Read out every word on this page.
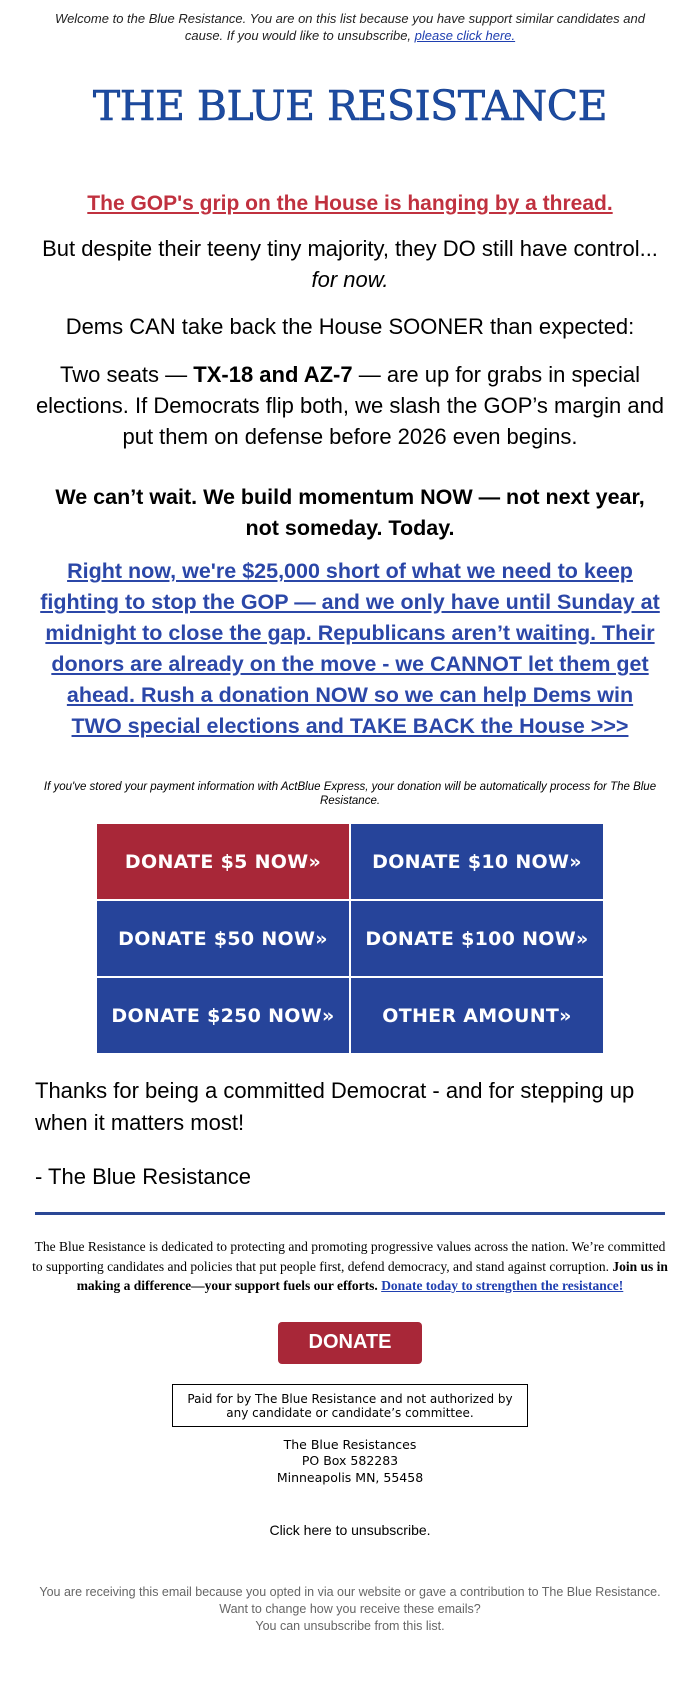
Welcome to the Blue Resistance. You are on this list because you have support similar candidates and cause. If you would like to unsubscribe, please click here.
THE BLUE RESISTANCE
The GOP's grip on the House is hanging by a thread.
But despite their teeny tiny majority, they DO still have control...
for now.
Dems CAN take back the House SOONER than expected:
Two seats — TX-18 and AZ-7 — are up for grabs in special elections. If Democrats flip both, we slash the GOP’s margin and put them on defense before 2026 even begins.
We can’t wait. We build momentum NOW — not next year, not someday. Today.
Right now, we're $25,000 short of what we need to keep fighting to stop the GOP — and we only have until Sunday at midnight to close the gap. Republicans aren’t waiting. Their donors are already on the move - we CANNOT let them get ahead. Rush a donation NOW so we can help Dems win TWO special elections and TAKE BACK the House >>>
If you've stored your payment information with ActBlue Express, your donation will be automatically process for The Blue Resistance.
DONATE $5 NOW»	DONATE $10 NOW»
DONATE $50 NOW»	DONATE $100 NOW»
DONATE $250 NOW»	OTHER AMOUNT»
Thanks for being a committed Democrat - and for stepping up when it matters most!
- The Blue Resistance
The Blue Resistance is dedicated to protecting and promoting progressive values across the nation. We’re committed to supporting candidates and policies that put people first, defend democracy, and stand against corruption. Join us in making a difference—your support fuels our efforts. Donate today to strengthen the resistance!
DONATE
Paid for by The Blue Resistance and not authorized by any candidate or candidate’s committee.
The Blue Resistances
PO Box 582283
Minneapolis MN, 55458
Click here to unsubscribe.
You are receiving this email because you opted in via our website or gave a contribution to The Blue Resistance. Want to change how you receive these emails?
You can unsubscribe from this list.
